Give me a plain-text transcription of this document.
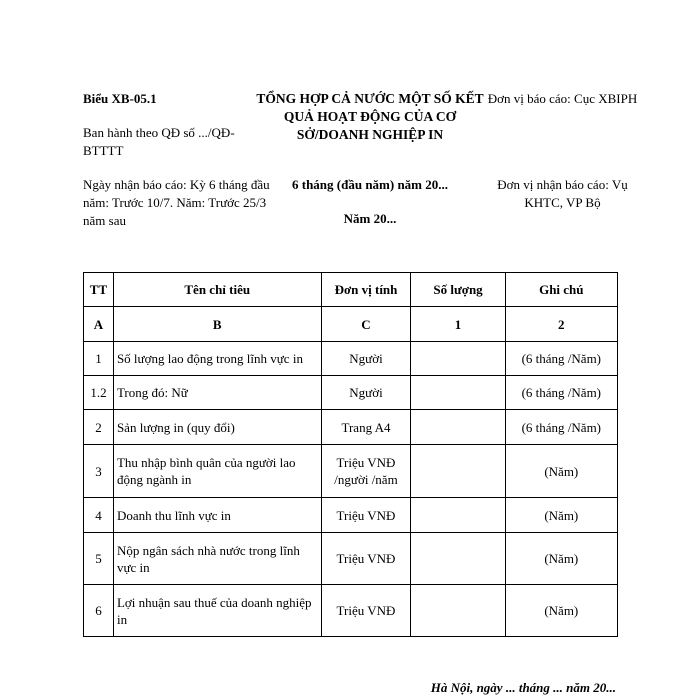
Biểu XB-05.1
Ban hành theo QĐ số .../QĐ-BTTTT
Ngày nhận báo cáo: Kỳ 6 tháng đầu năm: Trước 10/7. Năm: Trước 25/3 năm sau
TỔNG HỢP CẢ NƯỚC MỘT SỐ KẾT QUẢ HOẠT ĐỘNG CỦA CƠ SỞ/DOANH NGHIỆP IN
6 tháng (đầu năm) năm 20...
Năm 20...
Đơn vị báo cáo: Cục XBIPH
Đơn vị nhận báo cáo: Vụ KHTC, VP Bộ
TT	Tên chỉ tiêu	Đơn vị tính	Số lượng	Ghi chú
A	B	C	1	2
1	Số lượng lao động trong lĩnh vực in	Người		(6 tháng /Năm)
1.2	Trong đó: Nữ	Người		(6 tháng /Năm)
2	Sản lượng in (quy đổi)	Trang A4		(6 tháng /Năm)
3	Thu nhập bình quân của người lao động ngành in	Triệu VNĐ /người /năm		(Năm)
4	Doanh thu lĩnh vực in	Triệu VNĐ		(Năm)
5	Nộp ngân sách nhà nước trong lĩnh vực in	Triệu VNĐ		(Năm)
6	Lợi nhuận sau thuế của doanh nghiệp in	Triệu VNĐ		(Năm)
Hà Nội, ngày ... tháng ... năm 20...
